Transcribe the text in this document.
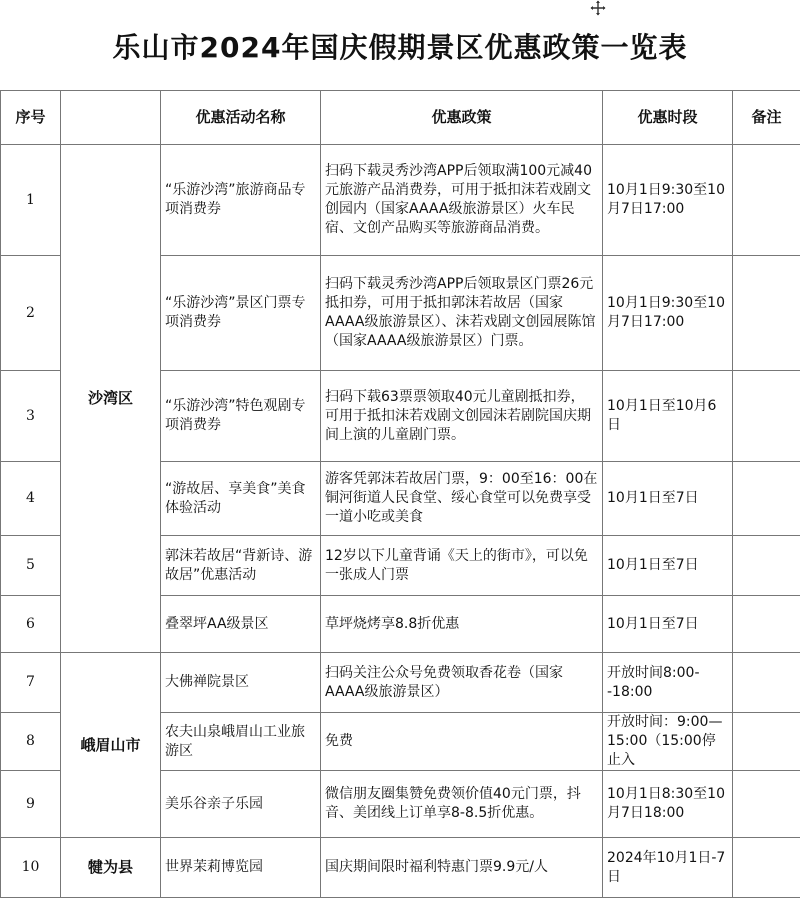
乐山市2024年国庆假期景区优惠政策一览表
序号		优惠活动名称	优惠政策	优惠时段	备注
1	沙湾区	“乐游沙湾”旅游商品专项消费券	扫码下载灵秀沙湾APP后领取满100元减40元旅游产品消费券，可用于抵扣沫若戏剧文创园内（国家AAAA级旅游景区）火车民宿、文创产品购买等旅游商品消费。	10月1日9:30至10月7日17:00	
2		“乐游沙湾”景区门票专项消费券	扫码下载灵秀沙湾APP后领取景区门票26元抵扣券，可用于抵扣郭沫若故居（国家AAAA级旅游景区）、沫若戏剧文创园展陈馆（国家AAAA级旅游景区）门票。	10月1日9:30至10月7日17:00	
3		“乐游沙湾”特色观剧专项消费券	扫码下载63票票领取40元儿童剧抵扣券，可用于抵扣沫若戏剧文创园沫若剧院国庆期间上演的儿童剧门票。	10月1日至10月6日	
4		“游故居、享美食”美食体验活动	游客凭郭沫若故居门票，9：00至16：00在铜河街道人民食堂、绥心食堂可以免费享受一道小吃或美食	10月1日至7日	
5		郭沫若故居“背新诗、游故居”优惠活动	12岁以下儿童背诵《天上的街市》，可以免一张成人门票	10月1日至7日	
6		叠翠坪AA级景区	草坪烧烤享8.8折优惠	10月1日至7日	
7	峨眉山市	大佛禅院景区	扫码关注公众号免费领取香花卷（国家AAAA级旅游景区）	开放时间8:00--18:00	
8		农夫山泉峨眉山工业旅游区	免费	开放时间：9:00—15:00（15:00停止入	
9		美乐谷亲子乐园	微信朋友圈集赞免费领价值40元门票，抖音、美团线上订单享8-8.5折优惠。	10月1日8:30至10月7日18:00	
10	犍为县	世界茉莉博览园	国庆期间限时福利特惠门票9.9元/人	2024年10月1日-7日	
